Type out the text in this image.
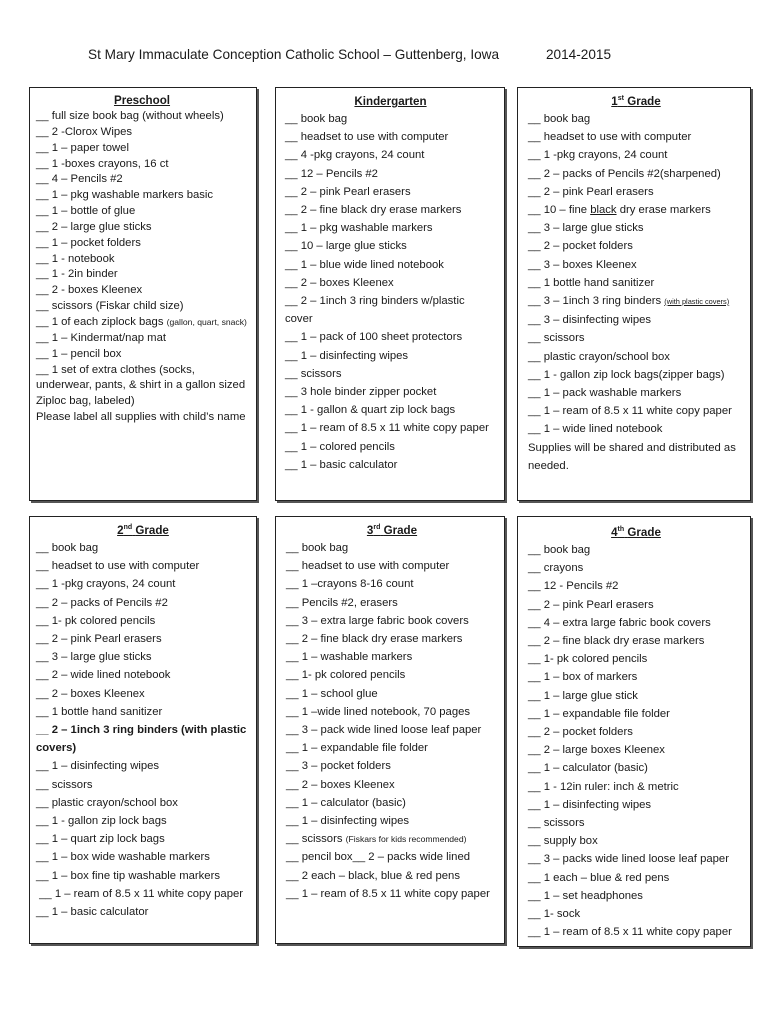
St Mary Immaculate Conception Catholic School – Guttenberg, Iowa	2014-2015
Preschool
__ full size book bag (without wheels)
__ 2 -Clorox Wipes
__ 1 – paper towel
__ 1 -boxes crayons, 16 ct
__ 4 – Pencils #2
__ 1 – pkg washable markers basic
__ 1 – bottle of glue
__ 2 – large glue sticks
__ 1 – pocket folders
__ 1 - notebook
__ 1 - 2in binder
__ 2 - boxes Kleenex
__ scissors (Fiskar child size)
__ 1 of each ziplock bags (gallon, quart, snack)
__ 1 – Kindermat/nap mat
__ 1 – pencil box
__ 1 set of extra clothes (socks, underwear, pants, & shirt in a gallon sized Ziploc bag, labeled)
Please label all supplies with child’s name
Kindergarten
__ book bag
__ headset to use with computer
__ 4 -pkg crayons, 24 count
__ 12 – Pencils #2
__ 2 – pink Pearl erasers
__ 2 – fine black dry erase markers
__ 1 – pkg washable markers
__ 10 – large glue sticks
__ 1 – blue wide lined notebook
__ 2 – boxes Kleenex
__ 2 – 1inch 3 ring binders w/plastic
cover
__ 1 – pack of 100 sheet protectors
__ 1 – disinfecting wipes
__ scissors
__ 3 hole binder zipper pocket
__ 1 - gallon & quart zip lock bags
__ 1 – ream of 8.5 x 11 white copy paper
__ 1 – colored pencils
__ 1 – basic calculator
1st Grade
__ book bag
__ headset to use with computer
__ 1 -pkg crayons, 24 count
__ 2 – packs of Pencils #2(sharpened)
__ 2 – pink Pearl erasers
__ 10 – fine black dry erase markers
__ 3 – large glue sticks
__ 2 – pocket folders
__ 3 – boxes Kleenex
__ 1 bottle hand sanitizer
__ 3 – 1inch 3 ring binders (with plastic covers)
__ 3 – disinfecting wipes
__ scissors
__ plastic crayon/school box
__ 1 - gallon zip lock bags(zipper bags)
__ 1 – pack washable markers
__ 1 – ream of 8.5 x 11 white copy paper
__ 1 – wide lined notebook
Supplies will be shared and distributed as
needed.
2nd Grade
__ book bag
__ headset to use with computer
__ 1 -pkg crayons, 24 count
__ 2 – packs of Pencils #2
__ 1- pk colored pencils
__ 2 – pink Pearl erasers
__ 3 – large glue sticks
__ 2 – wide lined notebook
__ 2 – boxes Kleenex
__ 1 bottle hand sanitizer
__ 2 – 1inch 3 ring binders (with plastic
covers)
__ 1 – disinfecting wipes
__ scissors
__ plastic crayon/school box
__ 1 - gallon zip lock bags
__ 1 – quart zip lock bags
__ 1 – box wide washable markers
__ 1 – box fine tip washable markers
__ 1 – ream of 8.5 x 11 white copy paper
__ 1 – basic calculator
3rd Grade
__ book bag
__ headset to use with computer
__ 1 –crayons 8-16 count
__ Pencils #2, erasers
__ 3 – extra large fabric book covers
__ 2 – fine black dry erase markers
__ 1 – washable markers
__ 1- pk colored pencils
__ 1 – school glue
__ 1 –wide lined notebook, 70 pages
__ 3 – pack wide lined loose leaf paper
__ 1 – expandable file folder
__ 3 – pocket folders
__ 2 – boxes Kleenex
__ 1 – calculator (basic)
__ 1 – disinfecting wipes
__ scissors (Fiskars for kids recommended)
__ pencil box__ 2 – packs wide lined
__ 2 each – black, blue & red pens
__ 1 – ream of 8.5 x 11 white copy paper
4th Grade
__ book bag
__ crayons
__ 12 - Pencils #2
__ 2 – pink Pearl erasers
__ 4 – extra large fabric book covers
__ 2 – fine black dry erase markers
__ 1- pk colored pencils
__ 1 – box of markers
__ 1 – large glue stick
__ 1 – expandable file folder
__ 2 – pocket folders
__ 2 – large boxes Kleenex
__ 1 – calculator (basic)
__ 1 - 12in ruler: inch & metric
__ 1 – disinfecting wipes
__ scissors
__ supply box
__ 3 – packs wide lined loose leaf paper
__ 1 each – blue & red pens
__ 1 – set headphones
__ 1- sock
__ 1 – ream of 8.5 x 11 white copy paper
